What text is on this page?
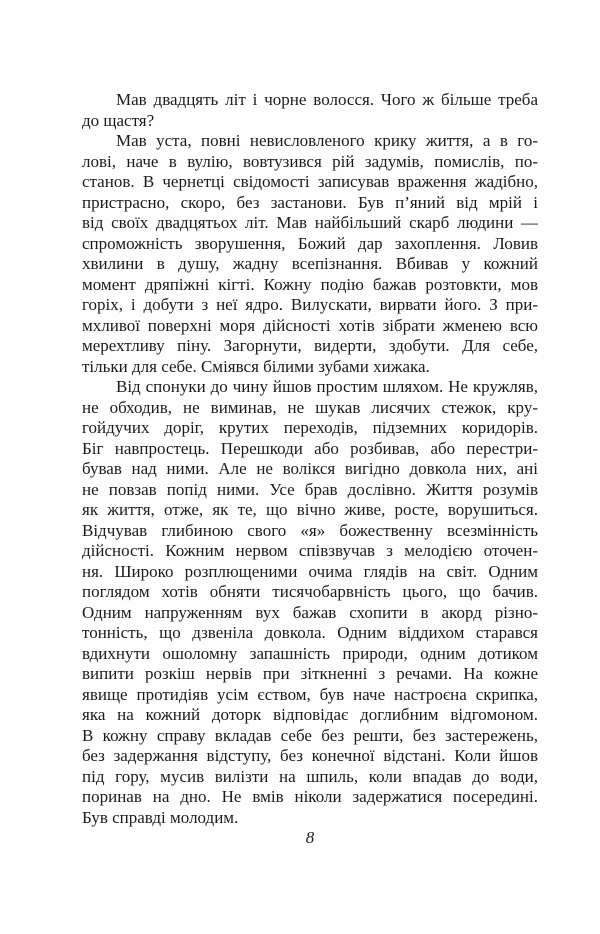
Мав двадцять літ і чорне волосся. Чого ж більше треба
до щастя?

Мав уста, повні невисловленого крику життя, а в го-
лові, наче в вулію, вовтузився рій задумів, помислів, по-
станов. В чернетці свідомості записував враження жадібно,
пристрасно, скоро, без застанови. Був п’яний від мрій і
від своїх двадцятьох літ. Мав найбільший скарб людини —
спроможність зворушення, Божий дар захоплення. Ловив
хвилини в душу, жадну всепізнання. Вбивав у кожний
момент дряпіжні кігті. Кожну подію бажав розтовкти, мов
горіх, і добути з неї ядро. Вилускати, вирвати його. З при-
мхливої поверхні моря дійсності хотів зібрати жменею всю
мерехтливу піну. Загорнути, видерти, здобути. Для себе,
тільки для себе. Сміявся білими зубами хижака.

Від спонуки до чину йшов простим шляхом. Не кружляв,
не обходив, не виминав, не шукав лисячих стежок, кру-
гойдучих доріг, крутих переходів, підземних коридорів.
Біг навпростець. Перешкоди або розбивав, або перестри-
бував над ними. Але не волікся вигідно довкола них, ані
не повзав попід ними. Усе брав дослівно. Життя розумів
як життя, отже, як те, що вічно живе, росте, ворушиться.
Відчував глибиною свого «я» божественну всезмінність
дійсності. Кожним нервом співзвучав з мелодією оточен-
ня. Широко розплющеними очима глядів на світ. Одним
поглядом хотів обняти тисячобарвність цього, що бачив.
Одним напруженням вух бажав схопити в акорд різно-
тонність, що дзвеніла довкола. Одним віддихом старався
вдихнути ошоломну запашність природи, одним дотиком
випити розкіш нервів при зіткненні з речами. На кожне
явище протидіяв усім єством, був наче настроєна скрипка,
яка на кожний доторк відповідає доглибним відгомоном.
В кожну справу вкладав себе без решти, без застережень,
без задержання відступу, без конечної відстані. Коли йшов
під гору, мусив вилізти на шпиль, коли впадав до води,
поринав на дно. Не вмів ніколи задержатися посередині.
Був справді молодим.

8
